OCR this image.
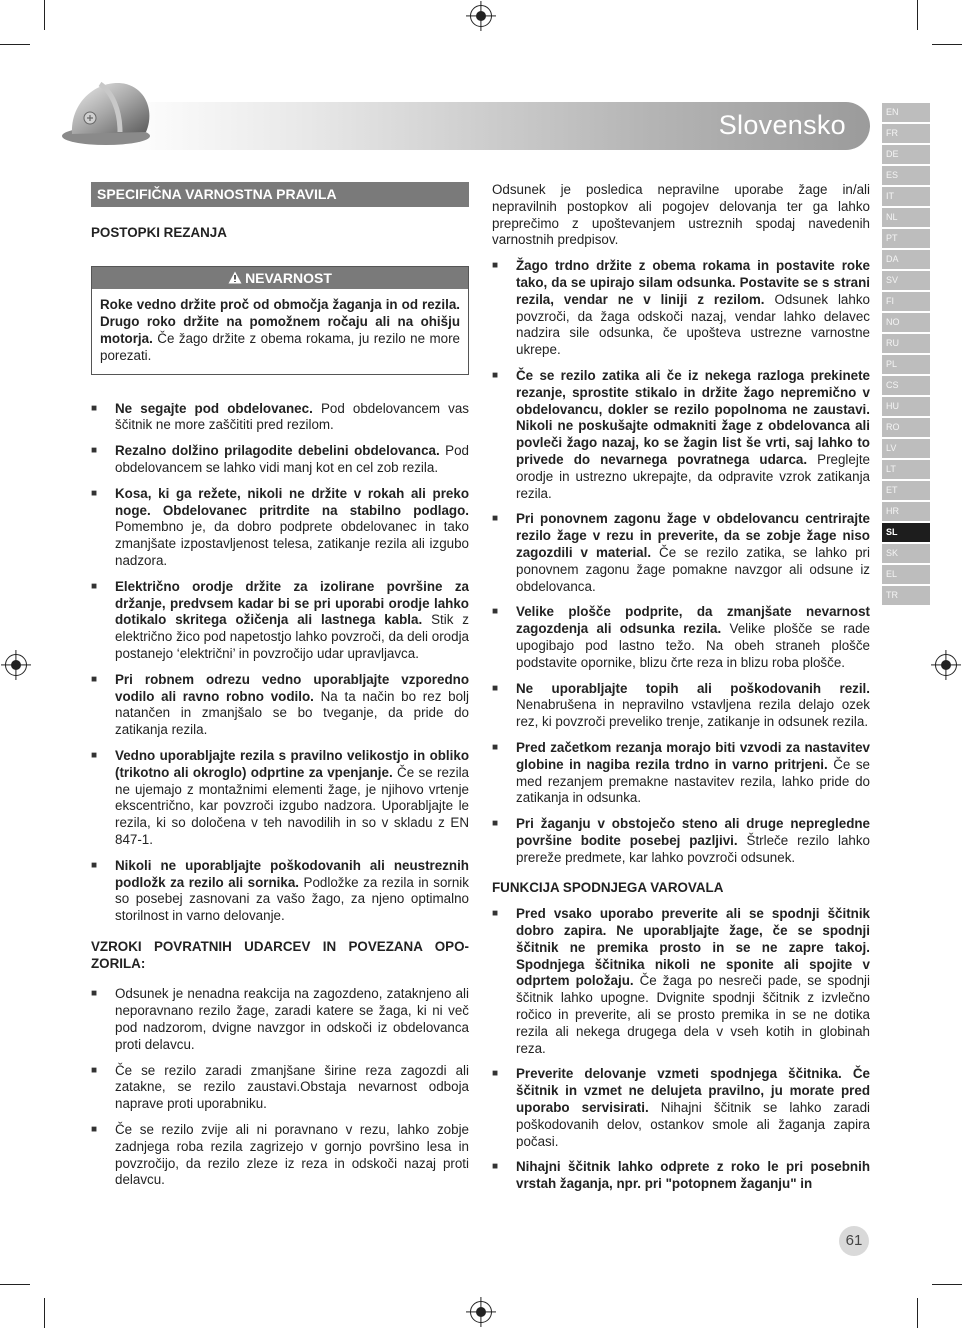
Slovensko	EN
FR
DE
ES
IT
NL
PT
DA
SV
FI
NO
RU
PL
CS
HU
RO
LV
LT
ET
HR
SL
SK
EL
TR
SPECIFIČNA VARNOSTNA PRAVILA
POSTOPKI REZANJA
NEVARNOST
Roke vedno držite proč od območja žaganja in od rezila. Drugo roko držite na pomožnem ročaju ali na ohišju motorja. Če žago držite z obema rokama, ju rezilo ne more porezati.
■ Ne segajte pod obdelovanec. Pod obdelovancem vas ščitnik ne more zaščititi pred rezilom.
■ Rezalno dolžino prilagodite debelini obdelovanca. Pod obdelovancem se lahko vidi manj kot en cel zob rezila.
■ Kosa, ki ga režete, nikoli ne držite v rokah ali preko noge. Obdelovanec pritrdite na stabilno podlago. Pomembno je, da dobro podprete obdelovanec in tako zmanjšate izpostavljenost telesa, zatikanje rezila ali izgubo nadzora.
■ Električno orodje držite za izolirane površine za držanje, predvsem kadar bi se pri uporabi orodje lahko dotikalo skritega ožičenja ali lastnega kabla. Stik z električno žico pod napetostjo lahko povzroči, da deli orodja postanejo ‘električni’ in povzročijo udar upravljavca.
■ Pri robnem odrezu vedno uporabljajte vzporedno vodilo ali ravno robno vodilo. Na ta način bo rez bolj natančen in zmanjšalo se bo tveganje, da pride do zatikanja rezila.
■ Vedno uporabljajte rezila s pravilno velikostjo in obliko (trikotno ali okroglo) odprtine za vpenjanje. Če se rezila ne ujemajo z montažnimi elementi žage, je njihovo vrtenje ekscentrično, kar povzroči izgubo nadzora. Uporabljajte le rezila, ki so določena v teh navodilih in so v skladu z EN 847-1.
■ Nikoli ne uporabljajte poškodovanih ali neustreznih podložk za rezilo ali sornika. Podložke za rezila in sornik so posebej zasnovani za vašo žago, za njeno optimalno storilnost in varno delovanje.
VZROKI POVRATNIH UDARCEV IN POVEZANA OPO-ZORILA:
■ Odsunek je nenadna reakcija na zagozdeno, zataknjeno ali neporavnano rezilo žage, zaradi katere se žaga, ki ni več pod nadzorom, dvigne navzgor in odskoči iz obdelovanca proti delavcu.
■ Če se rezilo zaradi zmanjšane širine reza zagozdi ali zatakne, se rezilo zaustavi.Obstaja nevarnost odboja naprave proti uporabniku.
■ Če se rezilo zvije ali ni poravnano v rezu, lahko zobje zadnjega roba rezila zagrizejo v gornjo površino lesa in povzročijo, da rezilo zleze iz reza in odskoči nazaj proti delavcu.
Odsunek je posledica nepravilne uporabe žage in/ali nepravilnih postopkov ali pogojev delovanja ter ga lahko preprečimo z upoštevanjem ustreznih spodaj navedenih varnostnih predpisov.
■ Žago trdno držite z obema rokama in postavite roke tako, da se upirajo silam odsunka. Postavite se s strani rezila, vendar ne v liniji z rezilom. Odsunek lahko povzroči, da žaga odskoči nazaj, vendar lahko delavec nadzira sile odsunka, če upošteva ustrezne varnostne ukrepe.
■ Če se rezilo zatika ali če iz nekega razloga prekinete rezanje, sprostite stikalo in držite žago nepremično v obdelovancu, dokler se rezilo popolnoma ne zaustavi. Nikoli ne poskušajte odmakniti žage z obdelovanca ali povleči žago nazaj, ko se žagin list še vrti, saj lahko to privede do nevarnega povratnega udarca. Preglejte orodje in ustrezno ukrepajte, da odpravite vzrok zatikanja rezila.
■ Pri ponovnem zagonu žage v obdelovancu centrirajte rezilo žage v rezu in preverite, da se zobje žage niso zagozdili v material. Če se rezilo zatika, se lahko pri ponovnem zagonu žage pomakne navzgor ali odsune iz obdelovanca.
■ Velike plošče podprite, da zmanjšate nevarnost zagozdenja ali odsunka rezila. Velike plošče se rade upogibajo pod lastno težo. Na obeh straneh plošče podstavite opornike, blizu črte reza in blizu roba plošče.
■ Ne uporabljajte topih ali poškodovanih rezil. Nenabrušena in nepravilno vstavljena rezila delajo ozek rez, ki povzroči preveliko trenje, zatikanje in odsunek rezila.
■ Pred začetkom rezanja morajo biti vzvodi za nastavitev globine in nagiba rezila trdno in varno pritrjeni. Če se med rezanjem premakne nastavitev rezila, lahko pride do zatikanja in odsunka.
■ Pri žaganju v obstoječo steno ali druge nepregledne površine bodite posebej pazljivi. Štrleče rezilo lahko prereže predmete, kar lahko povzroči odsunek.
FUNKCIJA SPODNJEGA VAROVALA
■ Pred vsako uporabo preverite ali se spodnji ščitnik dobro zapira. Ne uporabljajte žage, če se spodnji ščitnik ne premika prosto in se ne zapre takoj. Spodnjega ščitnika nikoli ne sponite ali spojite v odprtem položaju. Če žaga po nesreči pade, se spodnji ščitnik lahko upogne. Dvignite spodnji ščitnik z izvlečno ročico in preverite, ali se prosto premika in se ne dotika rezila ali nekega drugega dela v vseh kotih in globinah reza.
■ Preverite delovanje vzmeti spodnjega ščitnika. Če ščitnik in vzmet ne delujeta pravilno, ju morate pred uporabo servisirati. Nihajni ščitnik se lahko zaradi poškodovanih delov, ostankov smole ali žaganja zapira počasi.
■ Nihajni ščitnik lahko odprete z roko le pri posebnih vrstah žaganja, npr. pri "potopnem žaganju" in
61
